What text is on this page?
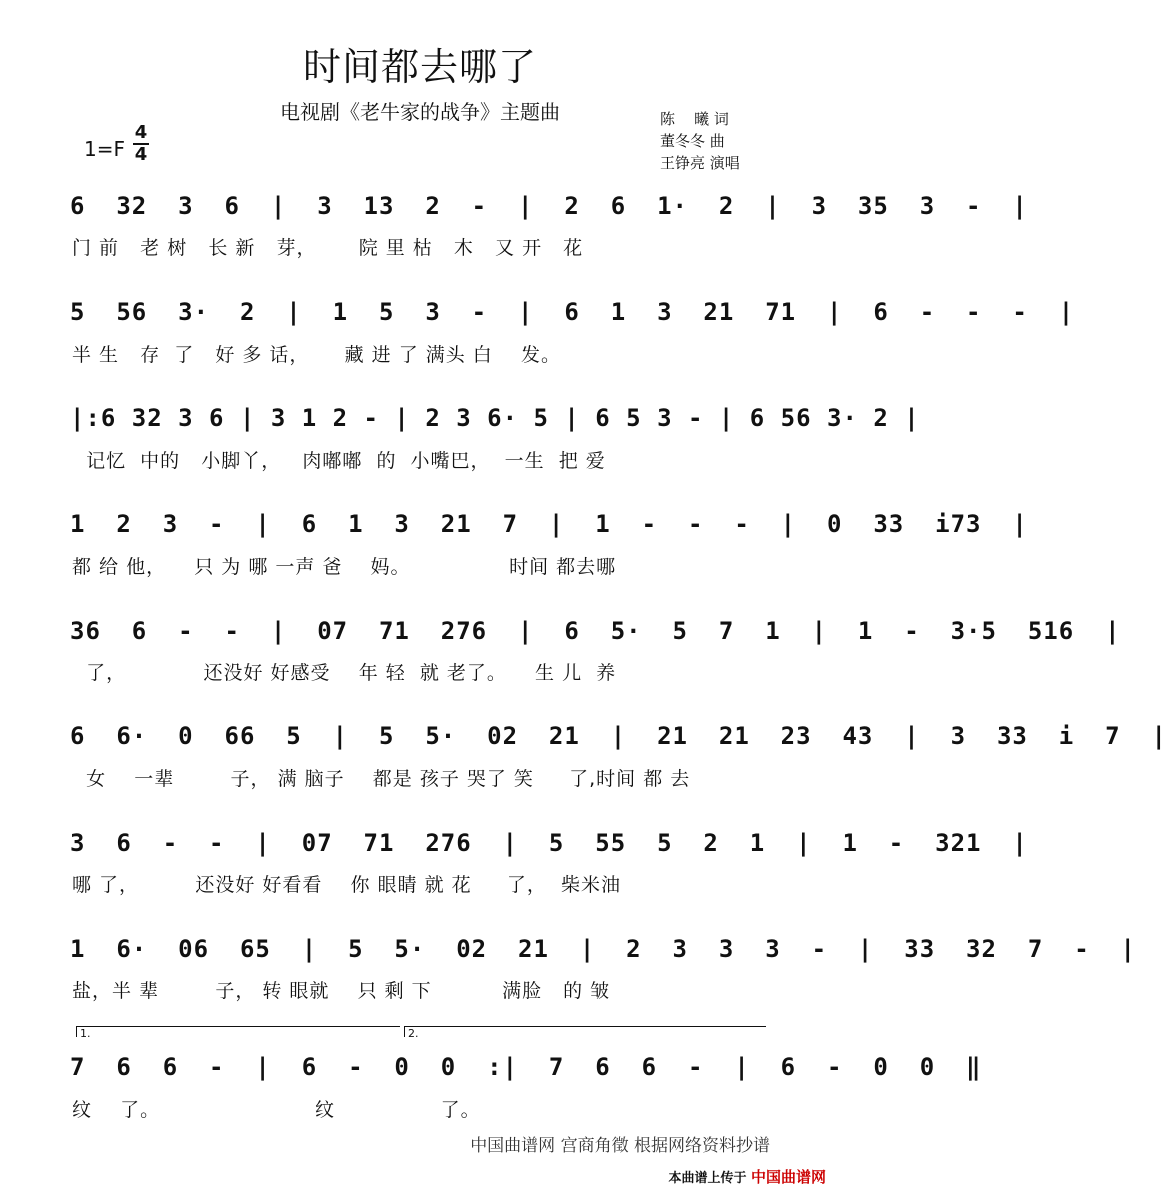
时间都去哪了
电视剧《老牛家的战争》主题曲	陈    曦 词
董冬冬 曲
王铮亮 演唱
1=F
4
4
6  32  3  6  |  3  13  2  -  |  2  6  1·  2  |  3  35  3  -  |
门 前   老 树   长 新   芽，      院 里 枯   木   又 开   花
5  56  3·  2  |  1  5  3  -  |  6  1  3  21  71  |  6  -  -  -  |
半 生   存  了   好 多 话，     藏 进 了 满头 白    发。
|:6 32 3 6 | 3 1 2 - | 2 3 6· 5 | 6 5 3 - | 6 56 3· 2 |
记忆  中的   小脚丫，   肉嘟嘟  的  小嘴巴，  一生  把 爱
1  2  3  -  |  6  1  3  21  7  |  1  -  -  -  |  0  33  i73  |
都 给 他，    只 为 哪 一声 爸    妈。              时间 都去哪
36  6  -  -  |  07  71  276  |  6  5·  5  7  1  |  1  -  3·5  516  |
了，           还没好 好感受    年 轻  就 老了。    生 儿  养
6  6·  0  66  5  |  5  5·  02  21  |  21  21  23  43  |  3  33  i  7  |
女    一辈        子， 满 脑子    都是 孩子 哭了 笑     了,时间 都 去
3  6  -  -  |  07  71  276  |  5  55  5  2  1  |  1  -  321  |
哪 了，        还没好 好看看    你 眼睛 就 花     了，  柴米油
1  6·  06  65  |  5  5·  02  21  |  2  3  3  3  -  |  33  32  7  -  |
盐，半 辈        子， 转 眼就    只 剩 下          满脸   的 皱
1.	2.
7  6  6  -  |  6  -  0  0  :|  7  6  6  -  |  6  -  0  0  ‖
纹    了。                      纹               了。
中国曲谱网 宫商角徵 根据网络资料抄谱
本曲谱上传于 中国曲谱网
